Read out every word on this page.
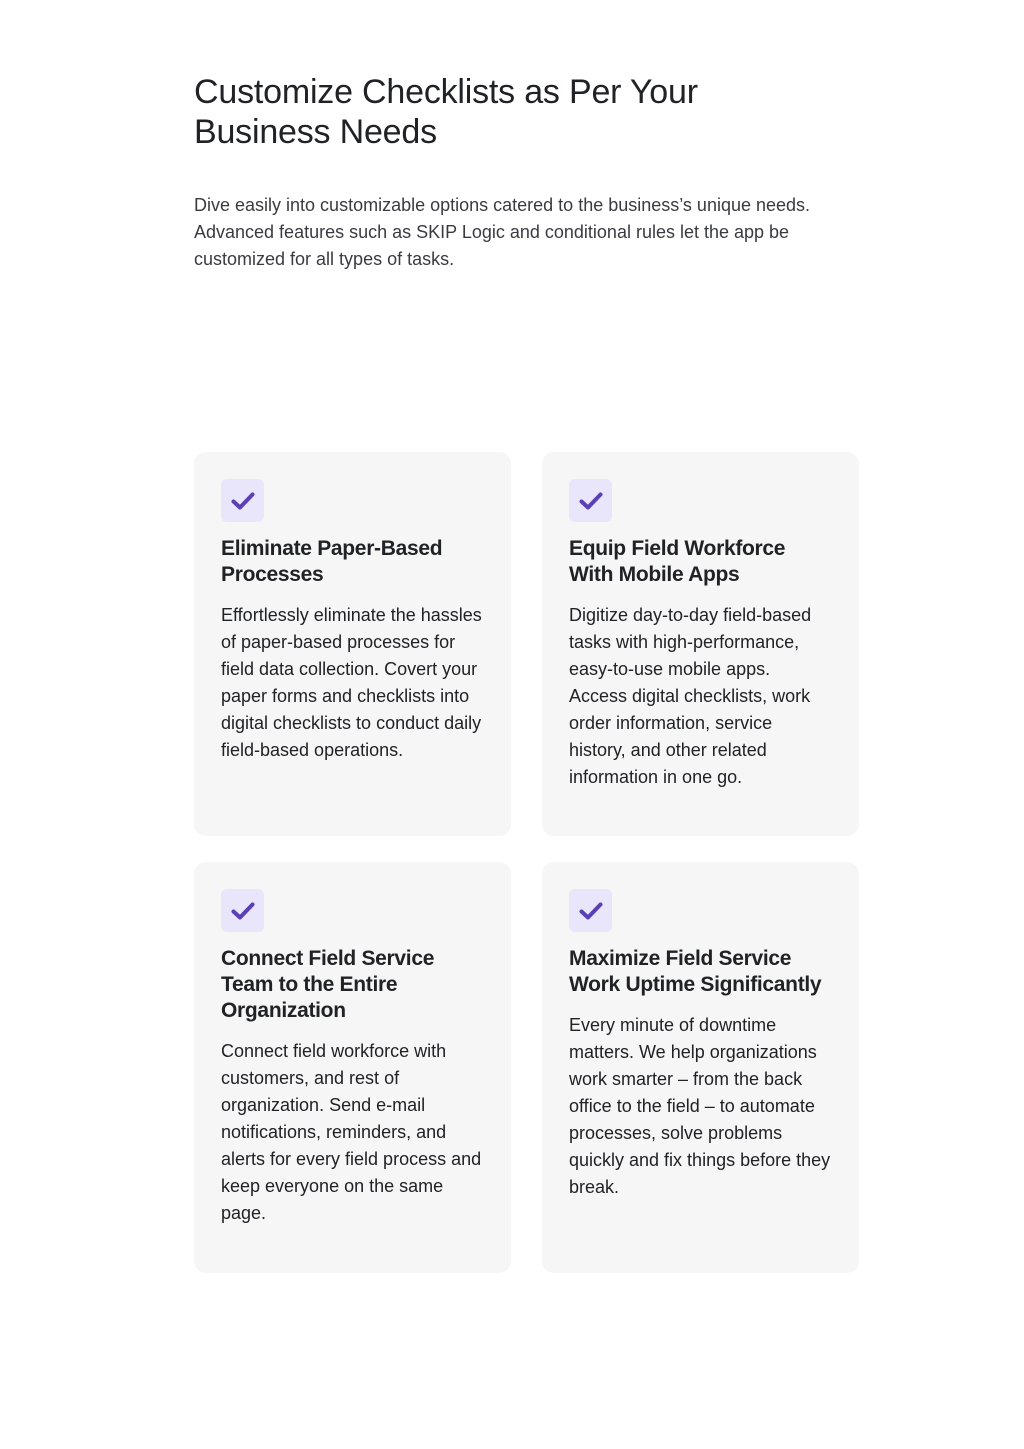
Customize Checklists as Per Your
Business Needs

Dive easily into customizable options catered to the business’s unique needs. Advanced features such as SKIP Logic and conditional rules let the app be customized for all types of tasks.

Eliminate Paper-Based Processes

Effortlessly eliminate the hassles of paper-based processes for field data collection. Covert your paper forms and checklists into digital checklists to conduct daily field-based operations.

Equip Field Workforce With Mobile Apps

Digitize day-to-day field-based tasks with high-performance, easy-to-use mobile apps. Access digital checklists, work order information, service history, and other related information in one go.

Connect Field Service Team to the Entire Organization

Connect field workforce with customers, and rest of organization. Send e-mail notifications, reminders, and alerts for every field process and keep everyone on the same page.

Maximize Field Service Work Uptime Significantly

Every minute of downtime matters. We help organizations work smarter – from the back office to the field – to automate processes, solve problems quickly and fix things before they break.
